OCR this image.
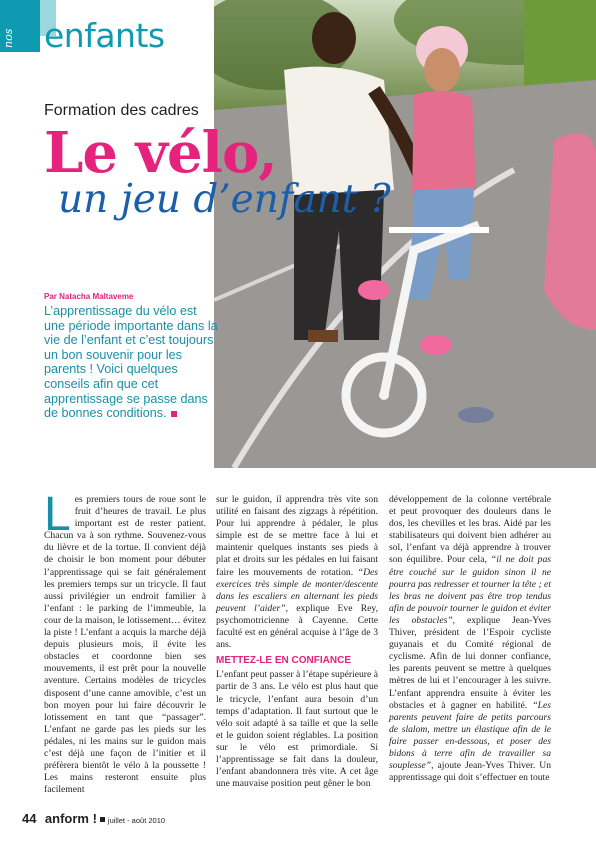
nos enfants
Formation des cadres
Le vélo,
un jeu d’enfant ?
Par Natacha Maltaveme
L’apprentissage du vélo est une période importante dans la vie de l’enfant et c’est toujours un bon souvenir pour les parents ! Voici quelques conseils afin que cet apprentissage se passe dans de bonnes conditions.

Les premiers tours de roue sont le fruit d’heures de travail. Le plus important est de rester patient. Chacun va à son rythme. Souvenez-vous du lièvre et de la tortue. Il convient déjà de choisir le bon moment pour débuter l’apprentissage qui se fait généralement les premiers temps sur un tricycle. Il faut aussi privilégier un endroit familier à l’enfant : le parking de l’immeuble, la cour de la maison, le lotissement… évitez la piste ! L’enfant a acquis la marche déjà depuis plusieurs mois, il évite les obstacles et coordonne bien ses mouvements, il est prêt pour la nouvelle aventure. Certains modèles de tricycles disposent d’une canne amovible, c’est un bon moyen pour lui faire découvrir le lotissement en tant que “passager”. L’enfant ne garde pas les pieds sur les pédales, ni les mains sur le guidon mais c’est déjà une façon de l’initier et il préfèrera bientôt le vélo à la poussette ! Les mains resteront ensuite plus facilement

sur le guidon, il apprendra très vite son utilité en faisant des zigzags à répétition. Pour lui apprendre à pédaler, le plus simple est de se mettre face à lui et maintenir quelques instants ses pieds à plat et droits sur les pédales en lui faisant faire les mouvements de rotation. “Des exercices très simple de monter/descente dans les escaliers en alternant les pieds peuvent l’aider”, explique Eve Rey, psychomotricienne à Cayenne. Cette faculté est en général acquise à l’âge de 3 ans.

METTEZ-LE EN CONFIANCE

L’enfant peut passer à l’étape supérieure à partir de 3 ans. Le vélo est plus haut que le tricycle, l’enfant aura besoin d’un temps d’adaptation. Il faut surtout que le vélo soit adapté à sa taille et que la selle et le guidon soient réglables. La position sur le vélo est primordiale. Si l’apprentissage se fait dans la douleur, l’enfant abandonnera très vite. A cet âge une mauvaise position peut gêner le bon

développement de la colonne vertébrale et peut provoquer des douleurs dans le dos, les chevilles et les bras. Aidé par les stabilisateurs qui doivent bien adhérer au sol, l’enfant va déjà apprendre à trouver son équilibre. Pour cela, “il ne doit pas être couché sur le guidon sinon il ne pourra pas redresser et tourner la tête ; et les bras ne doivent pas être trop tendus afin de pouvoir tourner le guidon et éviter les obstacles”, explique Jean-Yves Thiver, président de l’Espoir cycliste guyanais et du Comité régional de cyclisme. Afin de lui donner confiance, les parents peuvent se mettre à quelques mètres de lui et l’encourager à les suivre. L’enfant apprendra ensuite à éviter les obstacles et à gagner en habilité. “Les parents peuvent faire de petits parcours de slalom, mettre un élastique afin de le faire passer en-dessous, et poser des bidons à terre afin de travailler sa souplesse”, ajoute Jean-Yves Thiver. Un apprentissage qui doit s’effectuer en toute

44 anform ! juillet - août 2010
